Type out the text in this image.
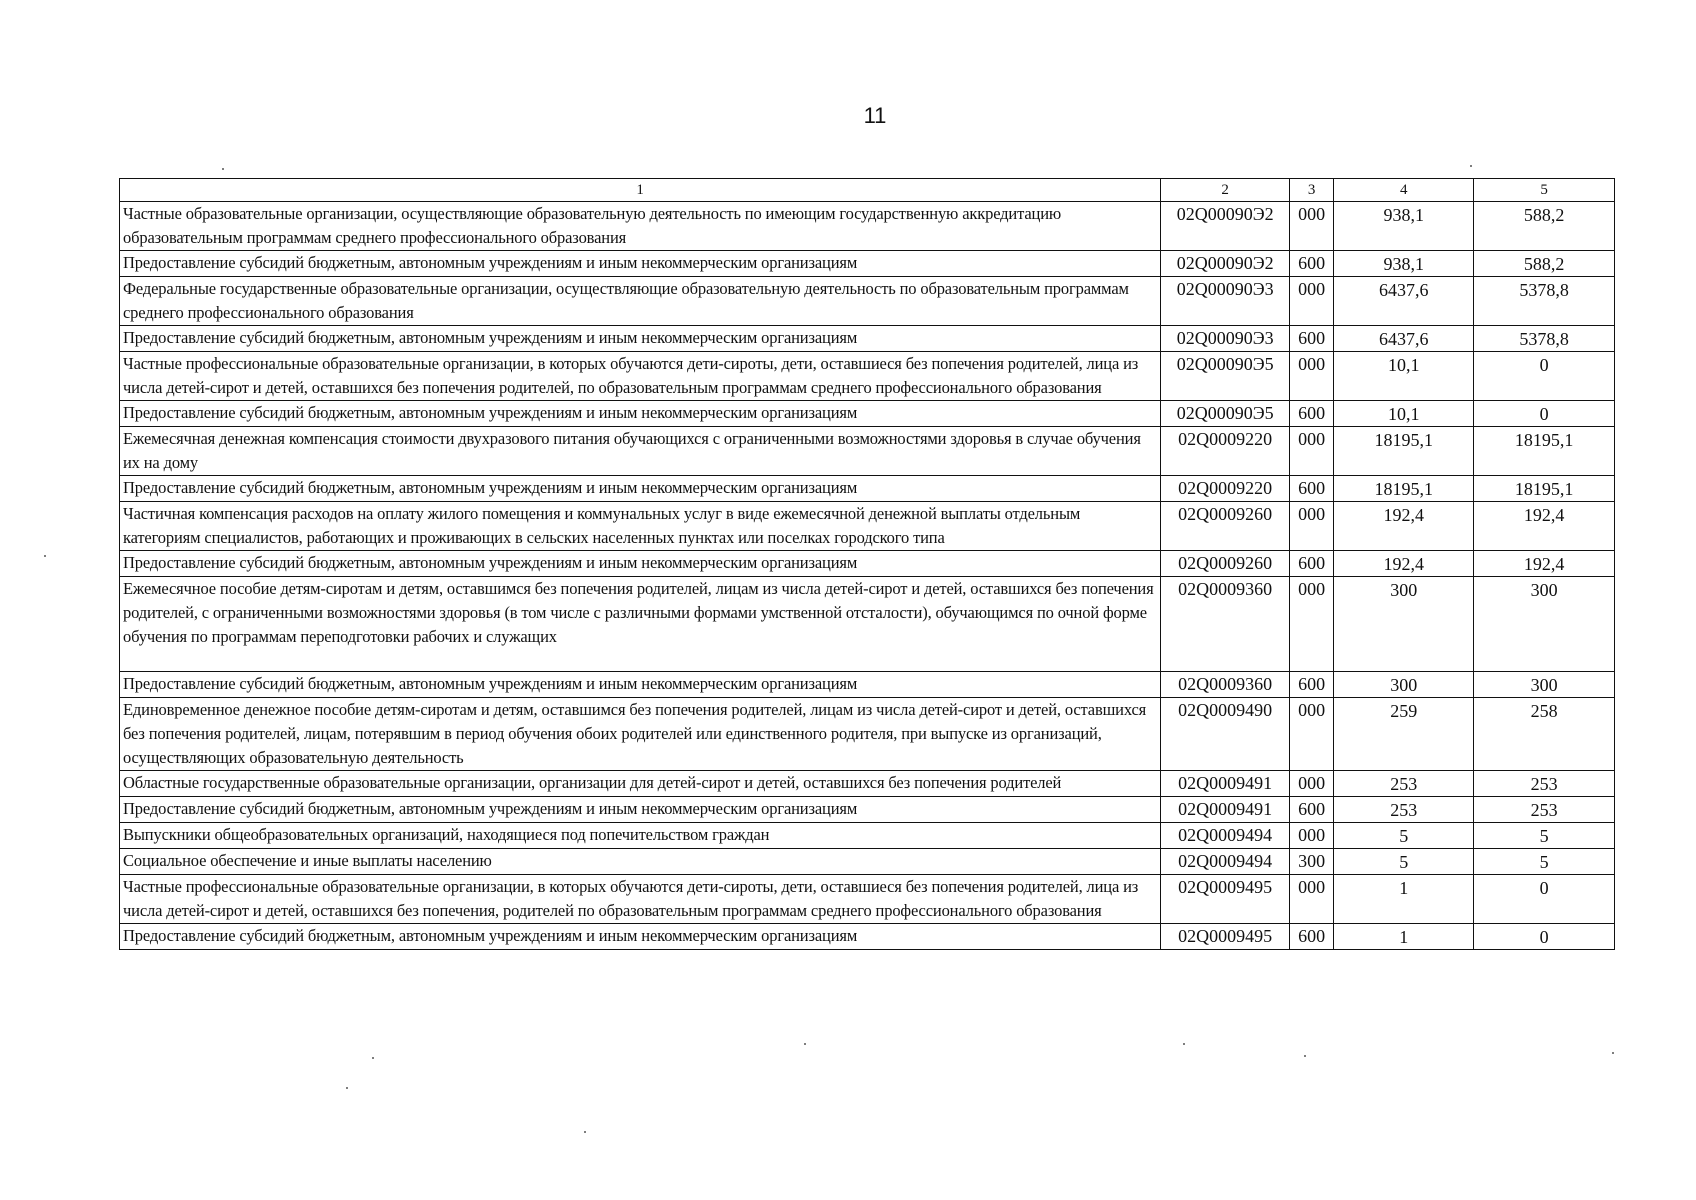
11
1	2	3	4	5
Частные образовательные организации, осуществляющие образовательную деятельность по имеющим государственную аккредитацию образовательным программам среднего профессионального образования	02Q00090Э2	000	938,1	588,2
Предоставление субсидий бюджетным, автономным учреждениям и иным некоммерческим организациям	02Q00090Э2	600	938,1	588,2
Федеральные государственные образовательные организации, осуществляющие образовательную деятельность по образовательным программам среднего профессионального образования	02Q00090Э3	000	6437,6	5378,8
Предоставление субсидий бюджетным, автономным учреждениям и иным некоммерческим организациям	02Q00090Э3	600	6437,6	5378,8
Частные профессиональные образовательные организации, в которых обучаются дети-сироты, дети, оставшиеся без попечения родителей, лица из числа детей-сирот и детей, оставшихся без попечения родителей, по образовательным программам среднего профессионального образования	02Q00090Э5	000	10,1	0
Предоставление субсидий бюджетным, автономным учреждениям и иным некоммерческим организациям	02Q00090Э5	600	10,1	0
Ежемесячная денежная компенсация стоимости двухразового питания обучающихся с ограниченными возможностями здоровья в случае обучения их на дому	02Q0009220	000	18195,1	18195,1
Предоставление субсидий бюджетным, автономным учреждениям и иным некоммерческим организациям	02Q0009220	600	18195,1	18195,1
Частичная компенсация расходов на оплату жилого помещения и коммунальных услуг в виде ежемесячной денежной выплаты отдельным категориям специалистов, работающих и проживающих в сельских населенных пунктах или поселках городского типа	02Q0009260	000	192,4	192,4
Предоставление субсидий бюджетным, автономным учреждениям и иным некоммерческим организациям	02Q0009260	600	192,4	192,4
Ежемесячное пособие детям-сиротам и детям, оставшимся без попечения родителей, лицам из числа детей-сирот и детей, оставшихся без попечения родителей, с ограниченными возможностями здоровья (в том числе с различными формами умственной отсталости), обучающимся по очной форме обучения по программам переподготовки рабочих и служащих	02Q0009360	000	300	300
Предоставление субсидий бюджетным, автономным учреждениям и иным некоммерческим организациям	02Q0009360	600	300	300
Единовременное денежное пособие детям-сиротам и детям, оставшимся без попечения родителей, лицам из числа детей-сирот и детей, оставшихся без попечения родителей, лицам, потерявшим в период обучения обоих родителей или единственного родителя, при выпуске из организаций, осуществляющих образовательную деятельность	02Q0009490	000	259	258
Областные государственные образовательные организации, организации для детей-сирот и детей, оставшихся без попечения родителей	02Q0009491	000	253	253
Предоставление субсидий бюджетным, автономным учреждениям и иным некоммерческим организациям	02Q0009491	600	253	253
Выпускники общеобразовательных организаций, находящиеся под попечительством граждан	02Q0009494	000	5	5
Социальное обеспечение и иные выплаты населению	02Q0009494	300	5	5
Частные профессиональные образовательные организации, в которых обучаются дети-сироты, дети, оставшиеся без попечения родителей, лица из числа детей-сирот и детей, оставшихся без попечения, родителей по образовательным программам среднего профессионального образования	02Q0009495	000	1	0
Предоставление субсидий бюджетным, автономным учреждениям и иным некоммерческим организациям	02Q0009495	600	1	0
